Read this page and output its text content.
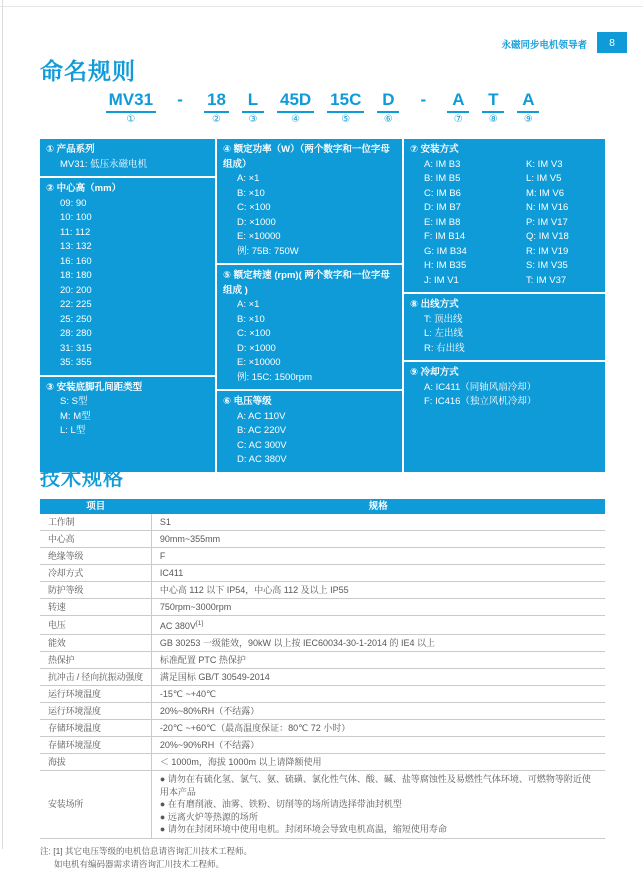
永磁同步电机领导者	8
命名规则
MV31
①
-	18
②
L
③
45D
④
15C
⑤
D
⑥
-	A
⑦
T
⑧
A
⑨
① 产品系列
MV31: 低压永磁电机
② 中心高（mm）
09: 90
10: 100
11: 112
13: 132
16: 160
18: 180
20: 200
22: 225
25: 250
28: 280
31: 315
35: 355
③ 安装底脚孔间距类型
S: S型
M: M型
L: L型
④ 额定功率（W）（两个数字和一位字母组成）
A: ×1
B: ×10
C: ×100
D: ×1000
E: ×10000
例: 75B: 750W
⑤ 额定转速 (rpm)( 两个数字和一位字母组成 )
A: ×1
B: ×10
C: ×100
D: ×1000
E: ×10000
例: 15C: 1500rpm
⑥ 电压等级
A: AC 110V
B: AC 220V
C: AC 300V
D: AC 380V
⑦ 安装方式
A: IM B3
B: IM B5
C: IM B6
D: IM B7
E: IM B8
F: IM B14
G: IM B34
H: IM B35
J: IM V1
K: IM V3
L: IM V5
M: IM V6
N: IM V16
P: IM V17
Q: IM V18
R: IM V19
S: IM V35
T: IM V37
⑧ 出线方式
T: 顶出线
L: 左出线
R: 右出线
⑨ 冷却方式
A: IC411（同轴风扇冷却）
F: IC416（独立风机冷却）
技术规格
项目	规格
工作制	S1
中心高	90mm~355mm
绝缘等级	F
冷却方式	IC411
防护等级	中心高 112 以下 IP54，中心高 112 及以上 IP55
转速	750rpm~3000rpm
电压	AC 380V[1]
能效	GB 30253 一级能效，90kW 以上按 IEC60034-30-1-2014 的 IE4 以上
热保护	标准配置 PTC 热保护
抗冲击 / 径向抗振动强度	满足国标 GB/T 30549-2014
运行环境温度	-15℃ ~+40℃
运行环境湿度	20%~80%RH（不结露）
存储环境温度	-20℃ ~+60℃（最高温度保证：80℃ 72 小时）
存储环境湿度	20%~90%RH（不结露）
海拔	＜ 1000m，海拔 1000m 以上请降额使用
安装场所	● 请勿在有硫化氢、氯气、氨、硫磺、氯化性气体、酸、碱、盐等腐蚀性及易燃性气体环境、可燃物等附近使用本产品
● 在有磨削液、油雾、铁粉、切削等的场所请选择带油封机型
● 远离火炉等热源的场所
● 请勿在封闭环境中使用电机。封闭环境会导致电机高温，缩短使用寿命
注: [1] 其它电压等级的电机信息请咨询汇川技术工程师。
如电机有编码器需求请咨询汇川技术工程师。
